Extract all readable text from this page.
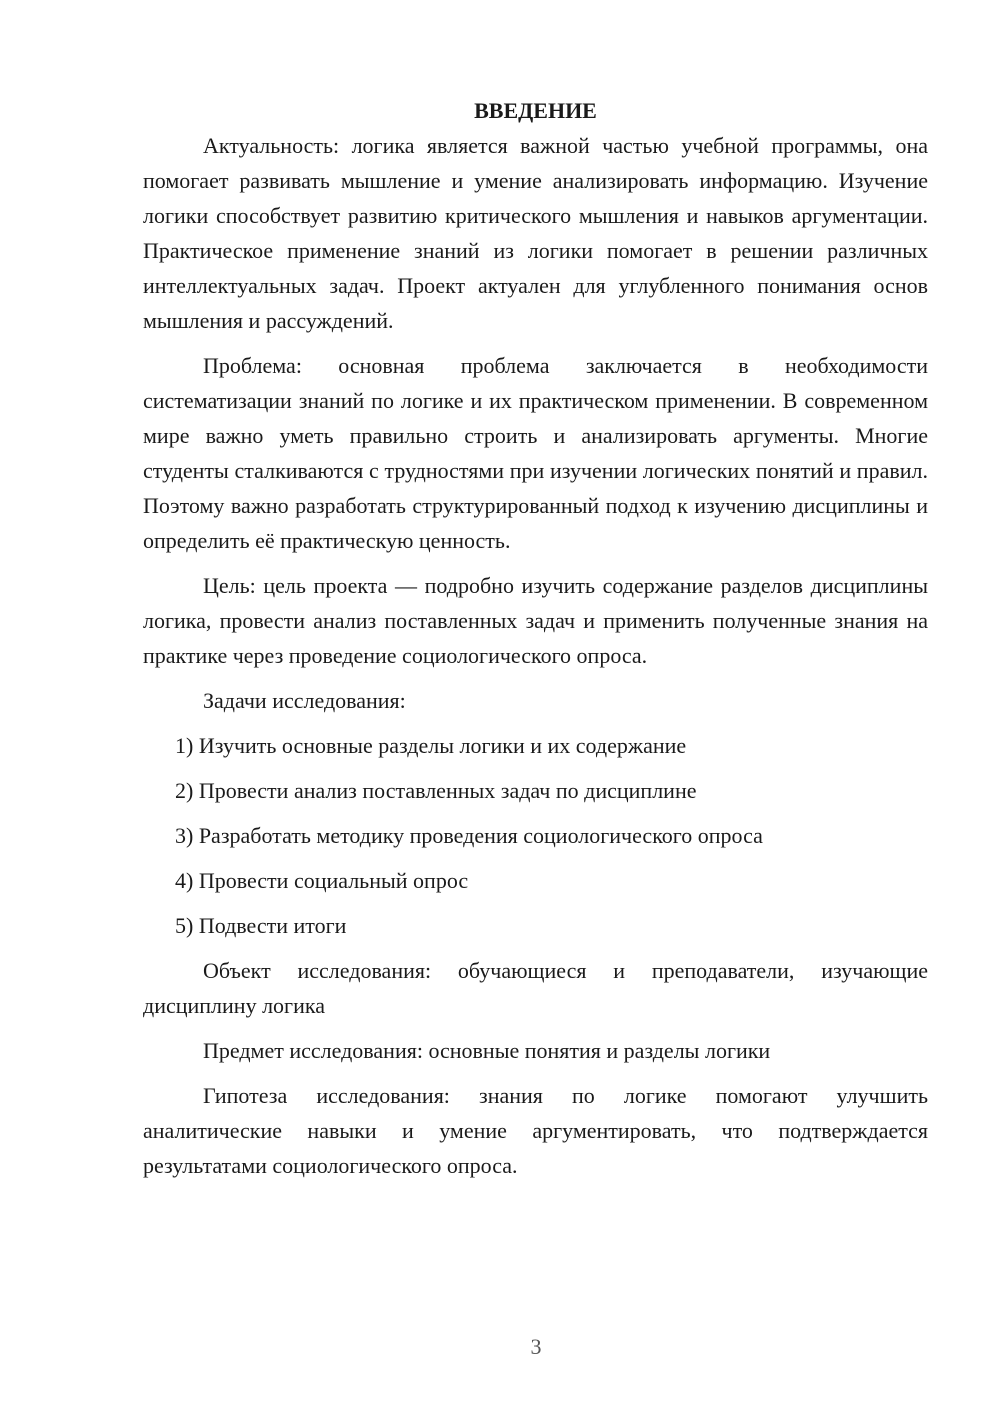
ВВЕДЕНИЕ

Актуальность: логика является важной частью учебной программы, она помогает развивать мышление и умение анализировать информацию. Изучение логики способствует развитию критического мышления и навыков аргументации. Практическое применение знаний из логики помогает в решении различных интеллектуальных задач. Проект актуален для углубленного понимания основ мышления и рассуждений.

Проблема: основная проблема заключается в необходимости систематизации знаний по логике и их практическом применении. В современном мире важно уметь правильно строить и анализировать аргументы. Многие студенты сталкиваются с трудностями при изучении логических понятий и правил. Поэтому важно разработать структурированный подход к изучению дисциплины и определить её практическую ценность.

Цель: цель проекта — подробно изучить содержание разделов дисциплины логика, провести анализ поставленных задач и применить полученные знания на практике через проведение социологического опроса.

Задачи исследования:

1) Изучить основные разделы логики и их содержание
2) Провести анализ поставленных задач по дисциплине
3) Разработать методику проведения социологического опроса
4) Провести социальный опрос
5) Подвести итоги

Объект исследования: обучающиеся и преподаватели, изучающие дисциплину логика

Предмет исследования: основные понятия и разделы логики

Гипотеза исследования: знания по логике помогают улучшить аналитические навыки и умение аргументировать, что подтверждается результатами социологического опроса.

3
